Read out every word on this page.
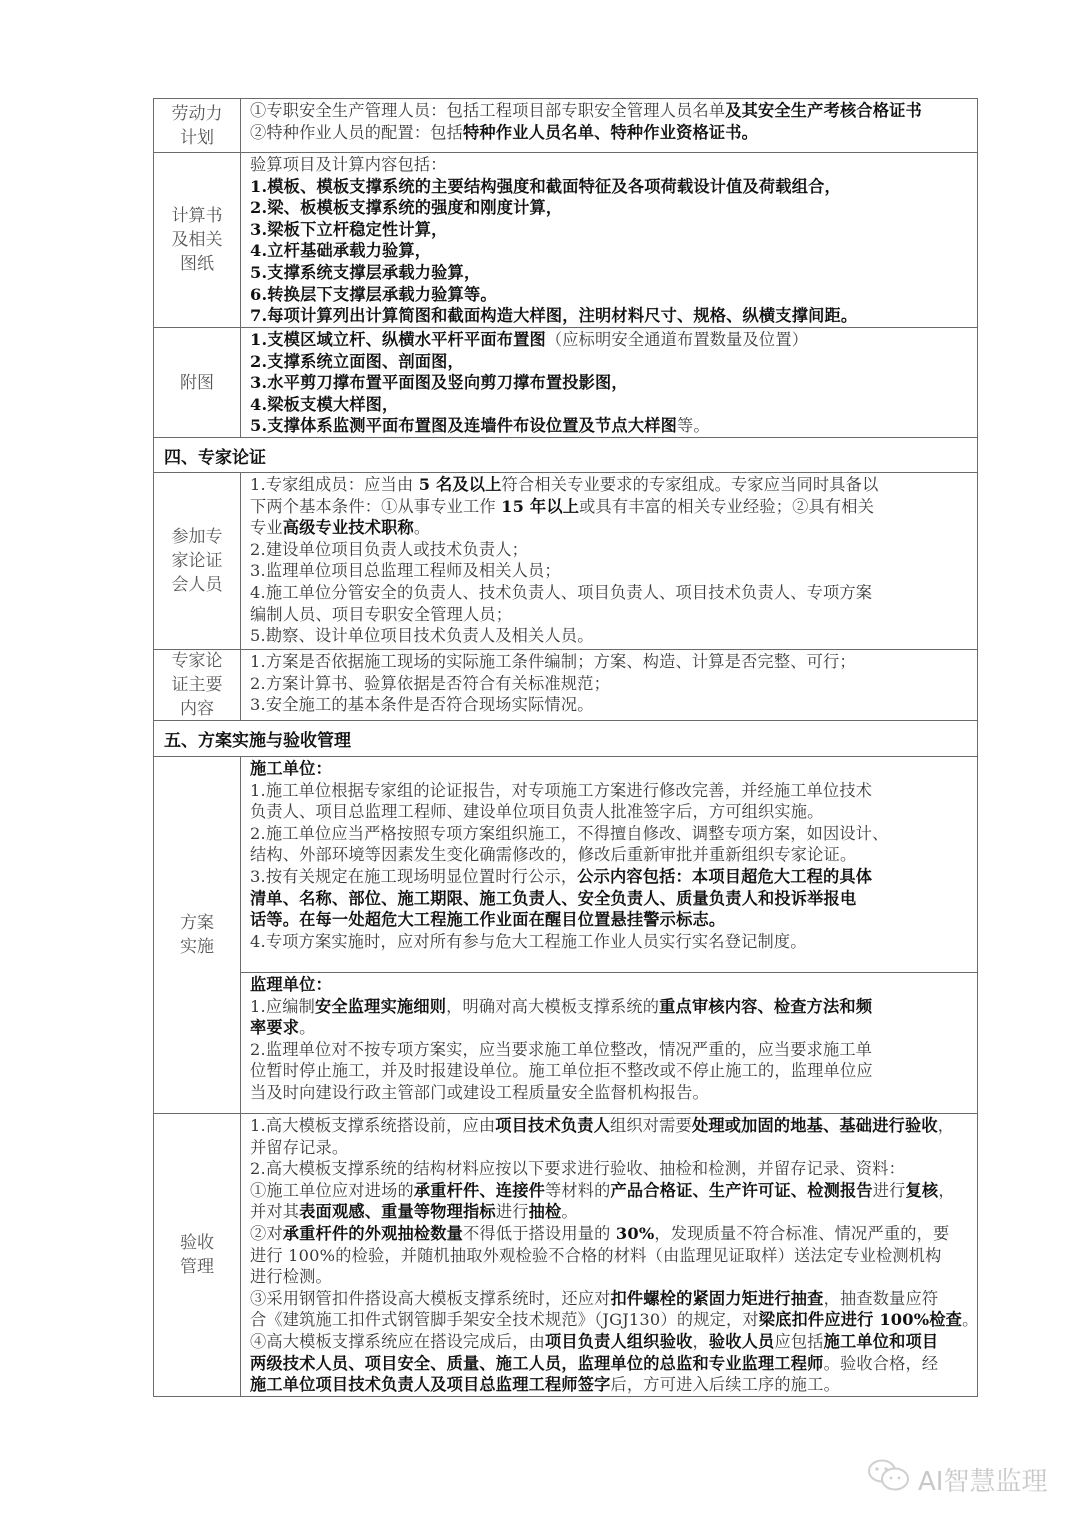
劳动力计划
①专职安全生产管理人员：包括工程项目部专职安全管理人员名单及其安全生产考核合格证书
②特种作业人员的配置：包括特种作业人员名单、特种作业资格证书。
计算书及相关图纸
验算项目及计算内容包括：
1.模板、模板支撑系统的主要结构强度和截面特征及各项荷载设计值及荷载组合，
2.梁、板模板支撑系统的强度和刚度计算，
3.梁板下立杆稳定性计算，
4.立杆基础承载力验算，
5.支撑系统支撑层承载力验算，
6.转换层下支撑层承载力验算等。
7.每项计算列出计算简图和截面构造大样图，注明材料尺寸、规格、纵横支撑间距。
附图
1.支模区域立杆、纵横水平杆平面布置图（应标明安全通道布置数量及位置）
2.支撑系统立面图、剖面图，
3.水平剪刀撑布置平面图及竖向剪刀撑布置投影图，
4.梁板支模大样图，
5.支撑体系监测平面布置图及连墙件布设位置及节点大样图等。
四、专家论证
参加专家论证会人员
1.专家组成员：应当由 5 名及以上符合相关专业要求的专家组成。专家应当同时具备以
下两个基本条件：①从事专业工作 15 年以上或具有丰富的相关专业经验；②具有相关
专业高级专业技术职称。
2.建设单位项目负责人或技术负责人；
3.监理单位项目总监理工程师及相关人员；
4.施工单位分管安全的负责人、技术负责人、项目负责人、项目技术负责人、专项方案
编制人员、项目专职安全管理人员；
5.勘察、设计单位项目技术负责人及相关人员。
专家论证主要内容
1.方案是否依据施工现场的实际施工条件编制；方案、构造、计算是否完整、可行；
2.方案计算书、验算依据是否符合有关标准规范；
3.安全施工的基本条件是否符合现场实际情况。
五、方案实施与验收管理
方案实施
施工单位：
1.施工单位根据专家组的论证报告，对专项施工方案进行修改完善，并经施工单位技术
负责人、项目总监理工程师、建设单位项目负责人批准签字后，方可组织实施。
2.施工单位应当严格按照专项方案组织施工，不得擅自修改、调整专项方案，如因设计、
结构、外部环境等因素发生变化确需修改的，修改后重新审批并重新组织专家论证。
3.按有关规定在施工现场明显位置时行公示，公示内容包括：本项目超危大工程的具体
清单、名称、部位、施工期限、施工负责人、安全负责人、质量负责人和投诉举报电
话等。在每一处超危大工程施工作业面在醒目位置悬挂警示标志。
4.专项方案实施时，应对所有参与危大工程施工作业人员实行实名登记制度。
监理单位：
1.应编制安全监理实施细则，明确对高大模板支撑系统的重点审核内容、检查方法和频
率要求。
2.监理单位对不按专项方案实，应当要求施工单位整改，情况严重的，应当要求施工单
位暂时停止施工，并及时报建设单位。施工单位拒不整改或不停止施工的，监理单位应
当及时向建设行政主管部门或建设工程质量安全监督机构报告。
验收管理
1.高大模板支撑系统搭设前，应由项目技术负责人组织对需要处理或加固的地基、基础进行验收，
并留存记录。
2.高大模板支撑系统的结构材料应按以下要求进行验收、抽检和检测，并留存记录、资料：
①施工单位应对进场的承重杆件、连接件等材料的产品合格证、生产许可证、检测报告进行复核，
并对其表面观感、重量等物理指标进行抽检。
②对承重杆件的外观抽检数量不得低于搭设用量的 30%，发现质量不符合标准、情况严重的，要
进行 100%的检验，并随机抽取外观检验不合格的材料（由监理见证取样）送法定专业检测机构
进行检测。
③采用钢管扣件搭设高大模板支撑系统时，还应对扣件螺栓的紧固力矩进行抽查，抽查数量应符
合《建筑施工扣件式钢管脚手架安全技术规范》（JGJ130）的规定，对梁底扣件应进行 100%检查。
④高大模板支撑系统应在搭设完成后，由项目负责人组织验收，验收人员应包括施工单位和项目
两级技术人员、项目安全、质量、施工人员，监理单位的总监和专业监理工程师。验收合格，经
施工单位项目技术负责人及项目总监理工程师签字后，方可进入后续工序的施工。
AI智慧监理
